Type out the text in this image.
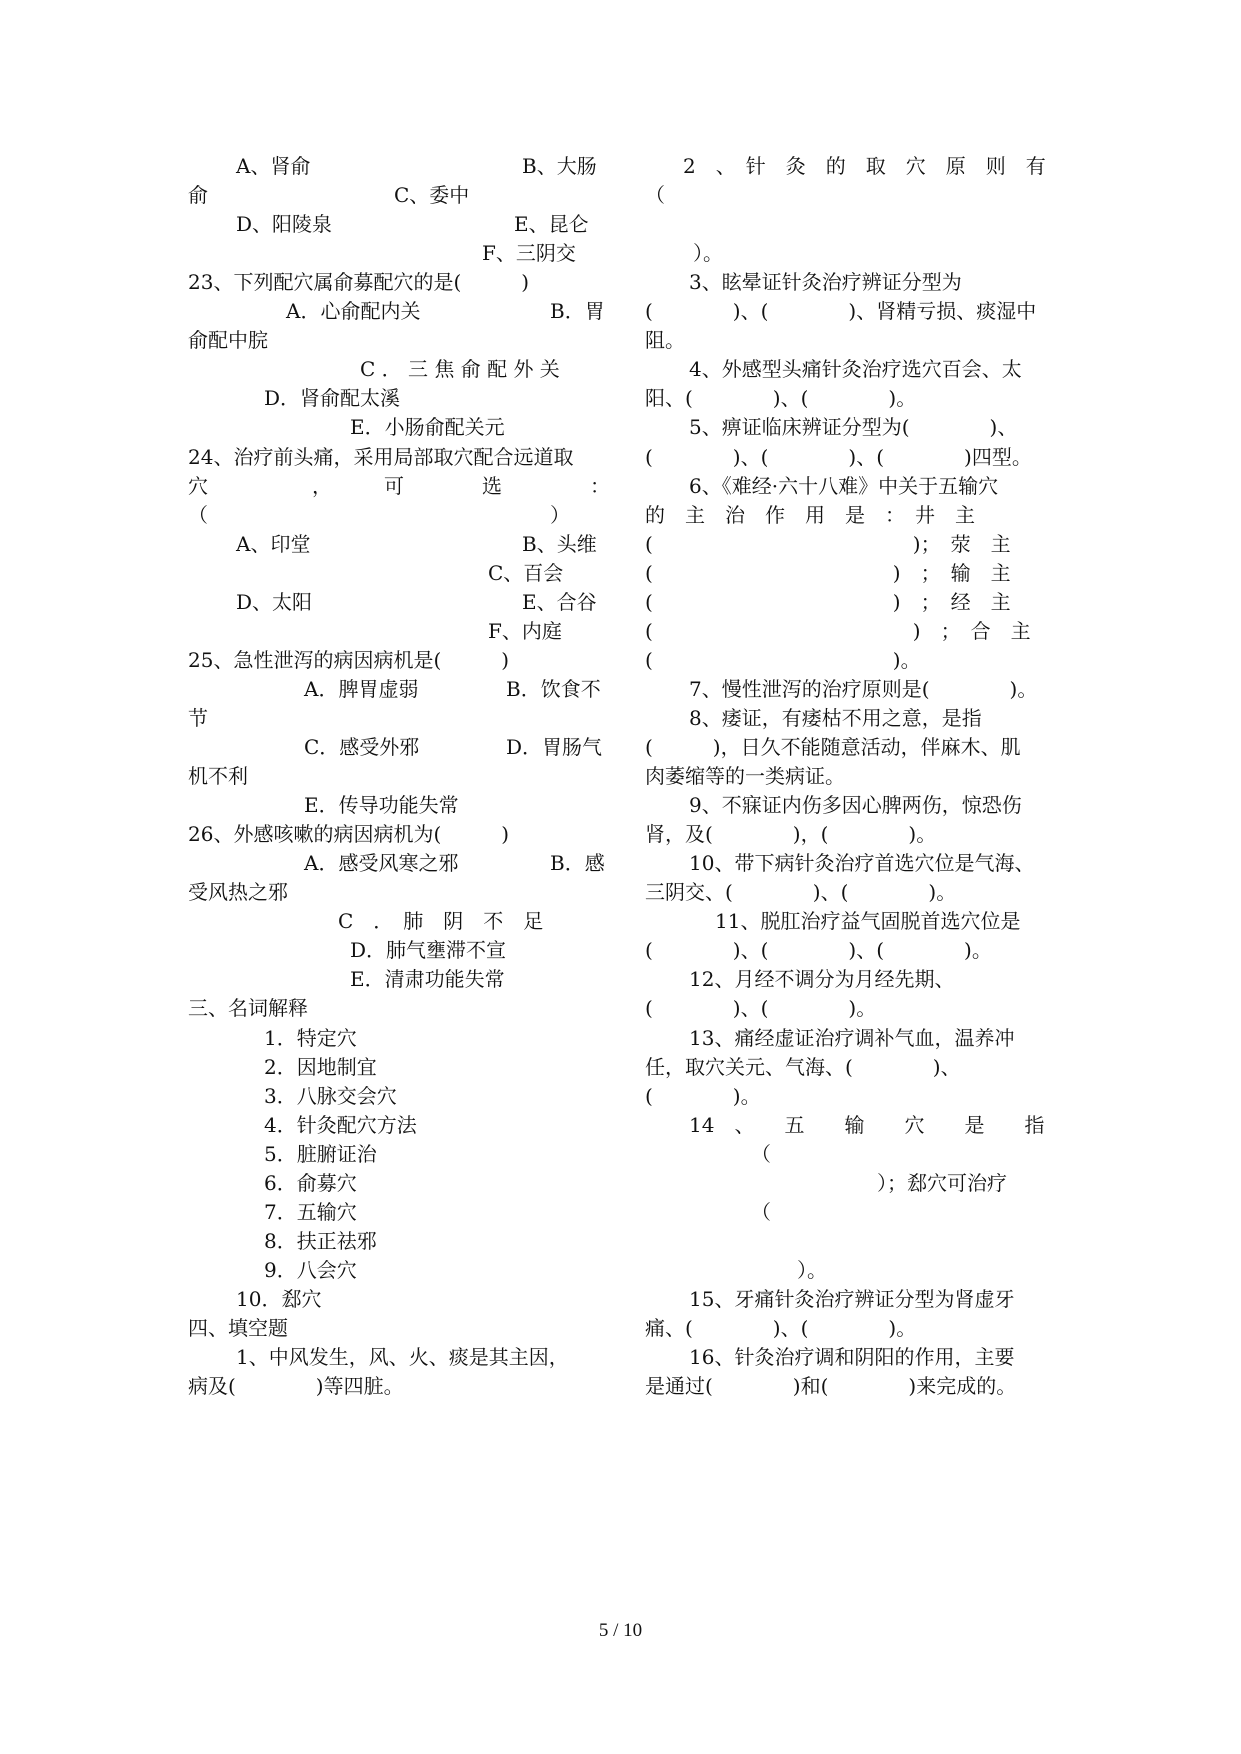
A、肾俞	B、大肠
俞	C、委中
D、阳陵泉	E、昆仑
F、三阴交
23、下列配穴属俞募配穴的是(　　　)
A．心俞配内关	B．胃
俞配中脘
C ． 三 焦 俞 配 外 关
D．肾俞配太溪
E．小肠俞配关元
24、治疗前头痛，采用局部取穴配合远道取
穴	，	可	选	：
（	）
A、印堂	B、头维
C、百会
D、太阳	E、合谷
F、内庭
25、急性泄泻的病因病机是(　　　)
A．脾胃虚弱	B．饮食不
节
C．感受外邪	D．胃肠气
机不利
E．传导功能失常
26、外感咳嗽的病因病机为(　　　)
A．感受风寒之邪	B．感
受风热之邪
C　．　肺　阴　不　足
D．肺气壅滞不宣
E．清肃功能失常
三、名词解释
1．特定穴
2．因地制宜
3．八脉交会穴
4．针灸配穴方法
5．脏腑证治
6．俞募穴
7．五输穴
8．扶正祛邪
9．八会穴
10．郄穴
四、填空题
1、中风发生，风、火、痰是其主因，
病及(　　　　)等四脏。
2　、　针　灸　的　取　穴　原　则　有
（
）。
3、眩晕证针灸治疗辨证分型为
(　　　　)、(　　　　)、肾精亏损、痰湿中
阻。
4、外感型头痛针灸治疗选穴百会、太
阳、(　　　　)、(　　　　)。
5、痹证临床辨证分型为(　　　　)、
(　　　　)、(　　　　)、(　　　　)四型。
6、《难经·六十八难》中关于五输穴
的　主　治　作　用　是　：　井　主
(　　　　　　　　　　　　　)；　荥　主
(　　　　　　　　　　　　)　；　输　主
(　　　　　　　　　　　　)　；　经　主
(　　　　　　　　　　　　　)　；　合　主
(　　　　　　　　　　　　)。
7、慢性泄泻的治疗原则是(　　　　)。
8、痿证，有痿枯不用之意，是指
(　　　)，日久不能随意活动，伴麻木、肌
肉萎缩等的一类病证。
9、不寐证内伤多因心脾两伤，惊恐伤
肾，及(　　　　)，(　　　　)。
10、带下病针灸治疗首选穴位是气海、
三阴交、(　　　　)、(　　　　)。
11、脱肛治疗益气固脱首选穴位是
(　　　　)、(　　　　)、(　　　　)。
12、月经不调分为月经先期、
(　　　　)、(　　　　)。
13、痛经虚证治疗调补气血，温养冲
任，取穴关元、气海、(　　　　)、
(　　　　)。
14　、　　五　　输　　穴　　是　　指
（
）；郄穴可治疗
（
）。
15、牙痛针灸治疗辨证分型为肾虚牙
痛、(　　　　)、(　　　　)。
16、针灸治疗调和阴阳的作用，主要
是通过(　　　　)和(　　　　)来完成的。
5 / 10
